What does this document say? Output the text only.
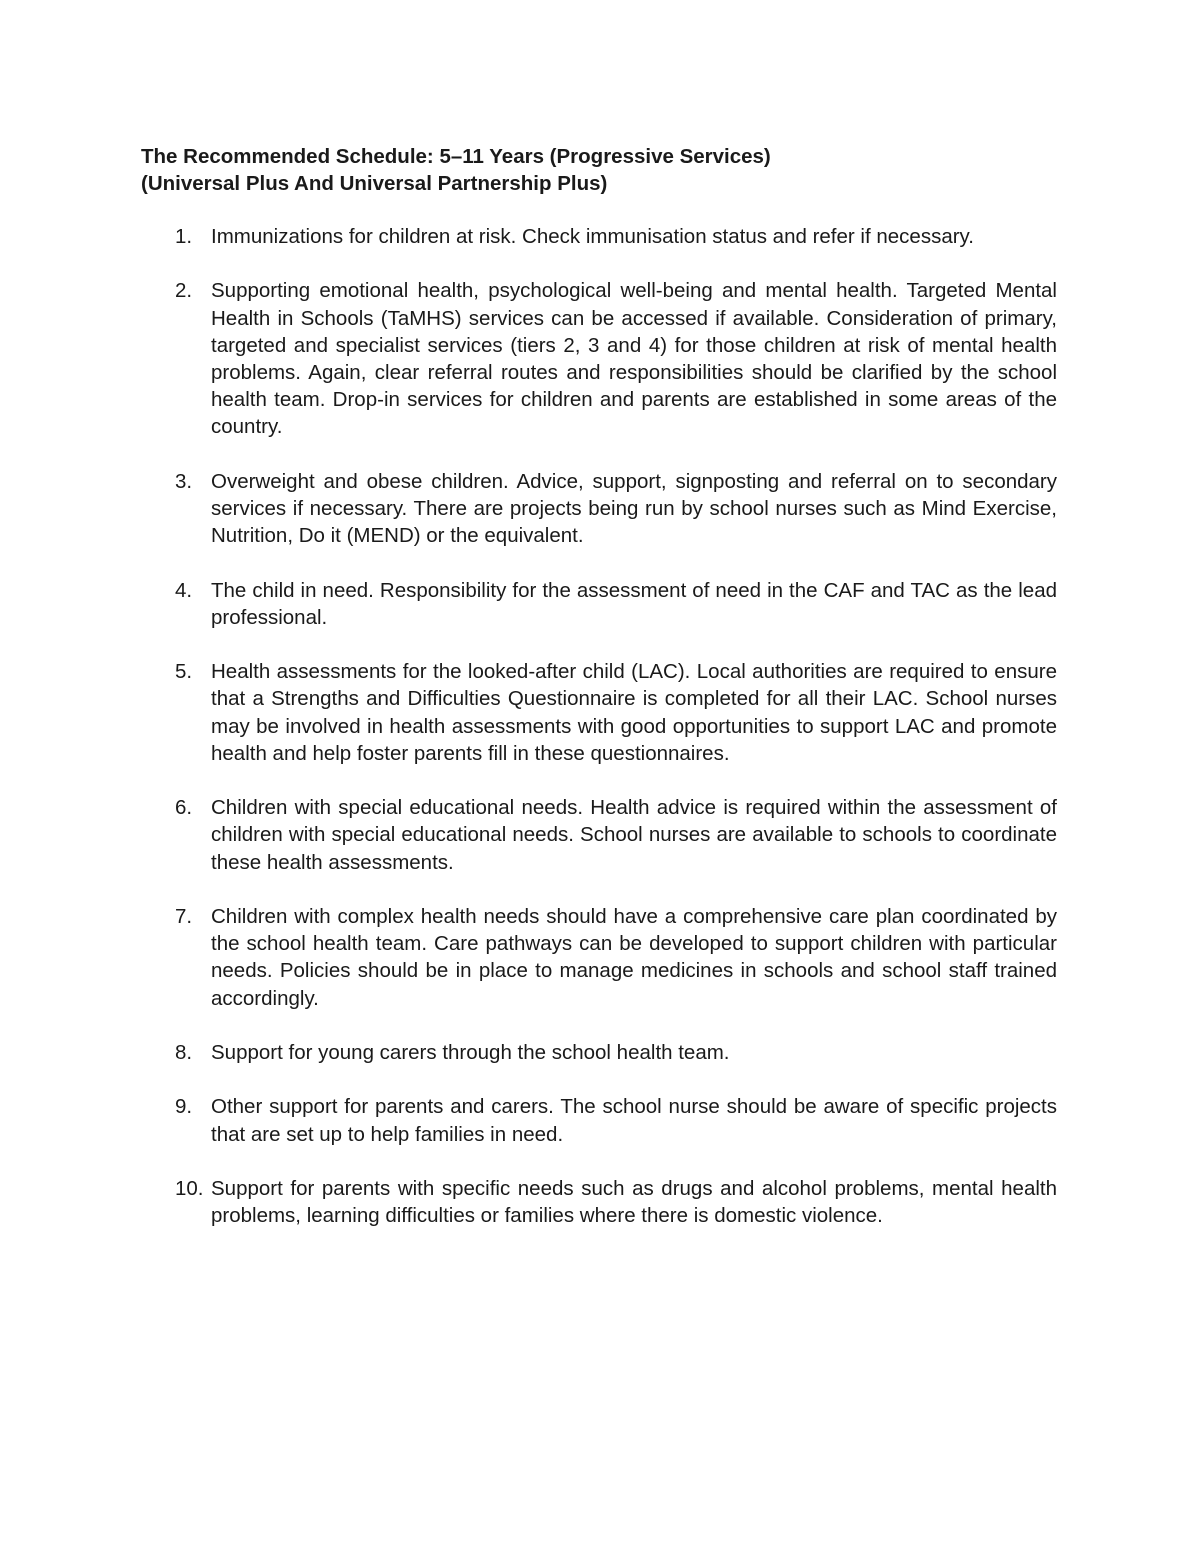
The Recommended Schedule: 5–11 Years (Progressive Services)

(Universal Plus And Universal Partnership Plus)

1. Immunizations for children at risk. Check immunisation status and refer if necessary.
2. Supporting emotional health, psychological well-being and mental health. Targeted Mental Health in Schools (TaMHS) services can be accessed if available. Consideration of primary, targeted and specialist services (tiers 2, 3 and 4) for those children at risk of mental health problems. Again, clear referral routes and responsibilities should be clarified by the school health team. Drop-in services for children and parents are established in some areas of the country.
3. Overweight and obese children. Advice, support, signposting and referral on to secondary services if necessary. There are projects being run by school nurses such as Mind Exercise, Nutrition, Do it (MEND) or the equivalent.
4. The child in need. Responsibility for the assessment of need in the CAF and TAC as the lead professional.
5. Health assessments for the looked-after child (LAC). Local authorities are required to ensure that a Strengths and Difficulties Questionnaire is completed for all their LAC. School nurses may be involved in health assessments with good opportunities to support LAC and promote health and help foster parents fill in these questionnaires.
6. Children with special educational needs. Health advice is required within the assessment of children with special educational needs. School nurses are available to schools to coordinate these health assessments.
7. Children with complex health needs should have a comprehensive care plan coordinated by the school health team. Care pathways can be developed to support children with particular needs. Policies should be in place to manage medicines in schools and school staff trained accordingly.
8. Support for young carers through the school health team.
9. Other support for parents and carers. The school nurse should be aware of specific projects that are set up to help families in need.
10. Support for parents with specific needs such as drugs and alcohol problems, mental health problems, learning difficulties or families where there is domestic violence.
